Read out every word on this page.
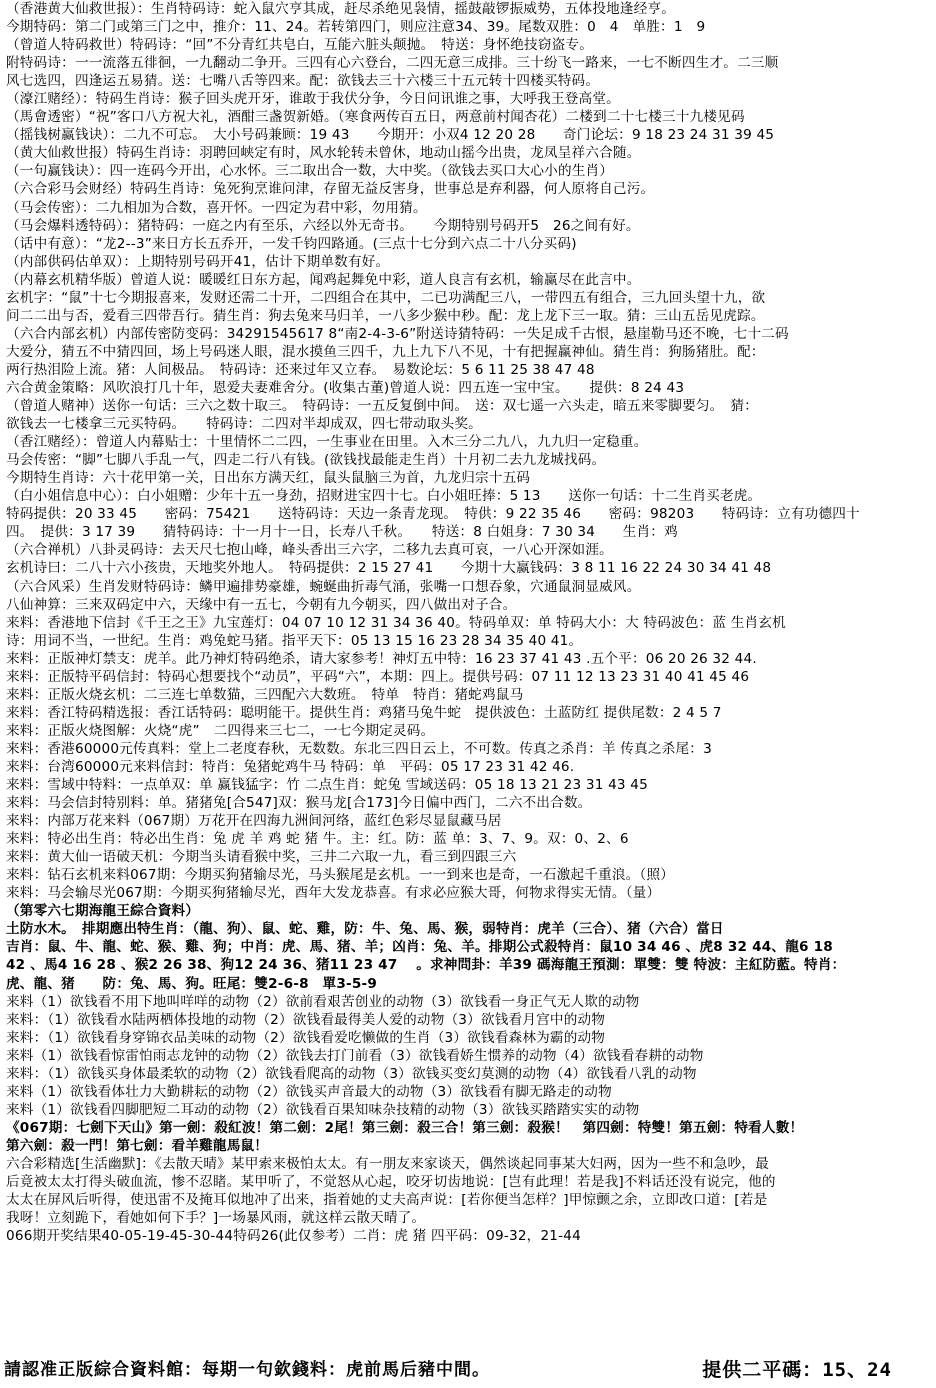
（香港黄大仙救世报）：生肖特码诗：蛇入鼠穴亨其成，赶尽杀绝见袅情，摇鼓敲锣振威势，五体投地逢经亨。
今期特码：第二门或第三门之中，推介：11、24。若转第四门，则应注意34、39。尾数双胜：0　4　单胜：1　9
（曾道人特码救世）特码诗：“回”不分青红共皂白，互能六脏头颠抛。　特送：身怀绝技窃盗专。
附特码诗：一一流落五徘徊，一九翻动二争开。三四有心六登台，二四无意三成排。三十纷飞一路来，一七不断四生才。二三顺
风七选四，四逢运五易猜。送：七嘴八舌等四来。配：欲钱去三十六楼三十五元转十四楼买特码。
（濠江赌经）：特码生肖诗：猴子回头虎开牙，谁敢于我伏分争，今日问讯谁之事，大呼我王登高堂。
（馬會透密）“祝”客口八方祝大礼，酒酣三盏贺新婚。（寒食两传百五日，两意前村闻杏花）二楼到二十七楼三十九楼见码
（摇钱树赢钱诀）：二九不可忘。　大小号码兼顾：19 43　　今期开：小双4 12 20 28　　奇门论坛：9 18 23 24 31 39 45
（黄大仙救世报）特码生肖诗：羽聘回峡定有时，风水轮转未曾休，地动山摇今出贵，龙凤呈祥六合随。
（一句赢钱诀）：四一连码今开出，心水怀。三二取出合一数，大中奖。（欲钱去买口大心小的生肖）
（六合彩马会财经）特码生肖诗：兔死狗烹谁问津，存留无益反害身，世事总是弃利器，何人原将自己污。
（马会传密）：二九相加为合数，喜开怀。一四定为君中彩，勿用猜。
（马会爆料透特码）：猪特码：一庭之内有至乐，六经以外无奇书。　　今期特别号码开5　26之间有好。
（话中有意）：“龙2--3”来日方长五乔开，一发千钧四路通。(三点十七分到六点二十八分买码)
（内部供码估单双）：上期特别号码开41，估计下期单数有好。
（内幕玄机精华版）曾道人说：暖暖红日东方起，闻鸡起舞免中彩，道人良言有玄机，输赢尽在此言中。
玄机字：“鼠”十七今期报喜来，发财还需二十开，二四组合在其中，二已功满配三八，一带四五有组合，三九回头望十九，欲
问二二出与否，爱看三四带吾行。猜生肖：狗去兔来马归羊，一八多少猴中秒。配：龙上龙下三一取。猜：三山五岳见虎踪。
（六合内部玄机）内部传密防变码：34291545617 8“南2-4-3-6”附送诗猜特码：一失足成千古恨，悬崖勒马还不晚，七十二码
大爱分，猜五不中猜四回，场上号码迷人眼，混水摸鱼三四千，九上九下八不见，十有把握赢神仙。猜生肖：狗肠猪肚。配：
两行热泪险上流。猪：人间极品。　特码诗：还来过年又立春。　易数论坛：5 6 11 25 38 47 48
六合黄金策略：风吹浪打几十年，恩爱夫妻难舍分。(收集古董)曾道人说：四五连一宝中宝。　　提供：8 24 43
（曾道人赌神）送你一句话：三六之数十取三。　特码诗：一五反复倒中间。　送：双七遥一六头走，暗五来零脚要匀。　猜：
欲钱去一七楼拿三元买特码。　　特码诗：二四对半却成双，四七带动取头奖。
（香江赌经）：曾道人内幕贴士：十里情怀二二四，一生事业在田里。入木三分二九八，九九归一定稳重。
马会传密：“脚”七脚八手乱一气，四走二行八有钱。(欲钱找最能走生肖）十月初二去九龙城找码。
今期特生肖诗：六十花甲第一关，日出东方满天红，鼠头鼠脑三为首，九龙归宗十五码
（白小姐信息中心）：白小姐赠：少年十五一身劲，招财进宝四十七。白小姐旺捧：5 13　　送你一句话：十二生肖买老虎。
特码提供：20 33 45　　密码：75421　　送特码诗：天边一条青龙现。　特供：9 22 35 46　　密码：98203　　特码诗：立有功德四十
四。　提供：3 17 39　　猜特码诗：十一月十一日，长寿八千秋。　　特送：8 白姐身：7 30 34　　生肖：鸡
（六合禅机）八卦灵码诗：去天尺七抱山峰，峰头香出三六字，二移九去真可哀，一八心开深如涯。
玄机诗曰：二八十六小孩贵，天地奖外地人。　特码提供：2 15 27 41　　今期十大赢钱码：3 8 11 16 22 24 30 34 41 48
（六合风采）生肖发财特码诗：鳞甲遍排势豪雄，蜿蜒曲折毒气涌，张嘴一口想吞象，穴通鼠洞显威风。
八仙神算：三来双码定中六，天缘中有一五七，今朝有九今朝买，四八做出对子合。
来料：香港地下信封《千王之王》九宝莲灯：04 07 10 12 31 34 36 40。特码单双：单 特码大小：大 特码波色：蓝 生肖玄机
诗：用词不当，一世纪。生肖：鸡兔蛇马猪。指平天下：05 13 15 16 23 28 34 35 40 41。
来料：正版神灯禁支：虎羊。此乃神灯特码绝杀，请大家参考！神灯五中特：16 23 37 41 43 .五个平：06 20 26 32 44.
来料：正版特平码信封：特码心想要找个“动员”，平码“六”，本期：四上。提供号码：07 11 12 13 23 31 40 41 45 46
来料：正版火烧玄机：二三连七单数猫，三四配六大数班。　特单　特肖：猪蛇鸡鼠马
来料：香江特码精选报：香江话特码：聪明能干。提供生肖：鸡猪马兔牛蛇　提供波色：土蓝防红 提供尾数：2 4 5 7
来料：正版火烧图解：火烧“虎”　二四得来三七二，一七今期定灵码。
来料：香港60000元传真料：堂上二老度春秋，无数数。东北三四日云上，不可数。传真之杀肖：羊 传真之杀尾：3
来料：台湾60000元来料信封：特肖：兔猪蛇鸡牛马 特码：单　平码：05 17 23 31 42 46.
来料：雪域中特料：一点单双：单 赢钱猛字：竹 二点生肖：蛇兔 雪域送码：05 18 13 21 23 31 43 45
来料：马会信封特别料：单。猪猪兔[合547]双：猴马龙[合173]今日偏中西门，二六不出合数。
来料：内部万花来料（067期）万花开在四海九洲间河络，蓝红色彩尽显鼠藏马居
来料：特必出生肖：特必出生肖：兔 虎 羊 鸡 蛇 猪 牛。主：红。防：蓝 单：3、7、9。双：0、2、6
来料：黄大仙一语破天机：今期当头请看猴中奖，三井二六取一九，看三到四跟三六
来料：钻石玄机来料067期：今期买狗猪输尽光，马头猴尾是玄机。一一到来也是奇，一石激起千重浪。（照）
来料：马会输尽光067期：今期买狗猪输尽光，酉年大发龙恭喜。有求必应猴大哥，何物求得实无情。（量）
（第零六七期海龍王綜合資料）
土防水木。　排期應出特生肖：（龍、狗）、鼠、蛇、雞，防：牛、兔、馬、猴，弱特肖：虎羊（三合）、猪（六合）當日
吉肖：鼠、牛、龍、蛇、猴、雞、狗；中肖：虎、馬、猪、羊；凶肖：兔、羊。排期公式殺特肖：鼠10 34 46 、虎8 32 44、龍6 18
42 、馬4 16 28 、猴2 26 38、狗12 24 36、猪11 23 47 　。求神問卦：羊39 碼海龍王預測：單雙：雙 特波：主紅防藍。特肖：
虎、龍、猪　　防：兔、馬、狗。旺尾：雙2-6-8　單3-5-9
来料（1）欲钱看不用下地叫咩咩的动物（2）欲前看艰苦创业的动物（3）欲钱看一身正气无人欺的动物
来料：（1）欲钱看水陆两栖体投地的动物（2）欲钱看最得美人爱的动物（3）欲钱看月宫中的动物
来料：（1）欲钱看身穿锦衣品美味的动物（2）欲钱看爱吃懒做的生肖（3）欲钱看森林为霸的动物
来料（1）欲钱看惊雷怕雨志龙钟的动物（2）欲钱去打门前看（3）欲钱看娇生惯养的动物（4）欲钱看春耕的动物
来料：（1）欲钱买身体最柔软的动物（2）欲钱看爬高的动物（3）欲钱买变幻莫测的动物（4）欲钱看八乳的动物
来料（1）欲钱看体壮力大勤耕耘的动物（2）欲钱买声音最大的动物（3）欲钱看有脚无路走的动物
来料（1）欲钱看四脚肥短二耳动的动物（2）欲钱看百果知味杂技精的动物（3）欲钱买踏踏实实的动物
《067期：七劍下天山》第一劍：殺紅波！第二劍：2尾！第三劍：殺三合！第三劍：殺猴！　第四劍：特雙！第五劍：特看人數！
第六劍：殺一門！第七劍：看羊雞龍馬鼠！
六合彩精选[生活幽默]：《去散天晴》某甲索来极怕太太。有一朋友来家谈天，偶然谈起同事某大妇两，因为一些不和急吵，最
后竟被太太打得头破血流，惨不忍睹。某甲听了，不觉怒从心起，咬牙切齿地说：[岂有此理！若是我]不料话还没有说完，他的
太太在屏风后听得，使迅雷不及掩耳似地冲了出来，指着她的丈夫高声说：[若你便当怎样？]甲惊颤之余，立即改口道：[若是
我呀！立刻跪下，看她如何下手？]一场暴风雨，就这样云散天晴了。
066期开奖结果40-05-19-45-30-44特码26(此仅参考）二肖：虎 猪 四平码：09-32，21-44
請認准正版綜合資料館：每期一句欽錢料：虎前馬后豬中間。	提供二平碼：15、24
